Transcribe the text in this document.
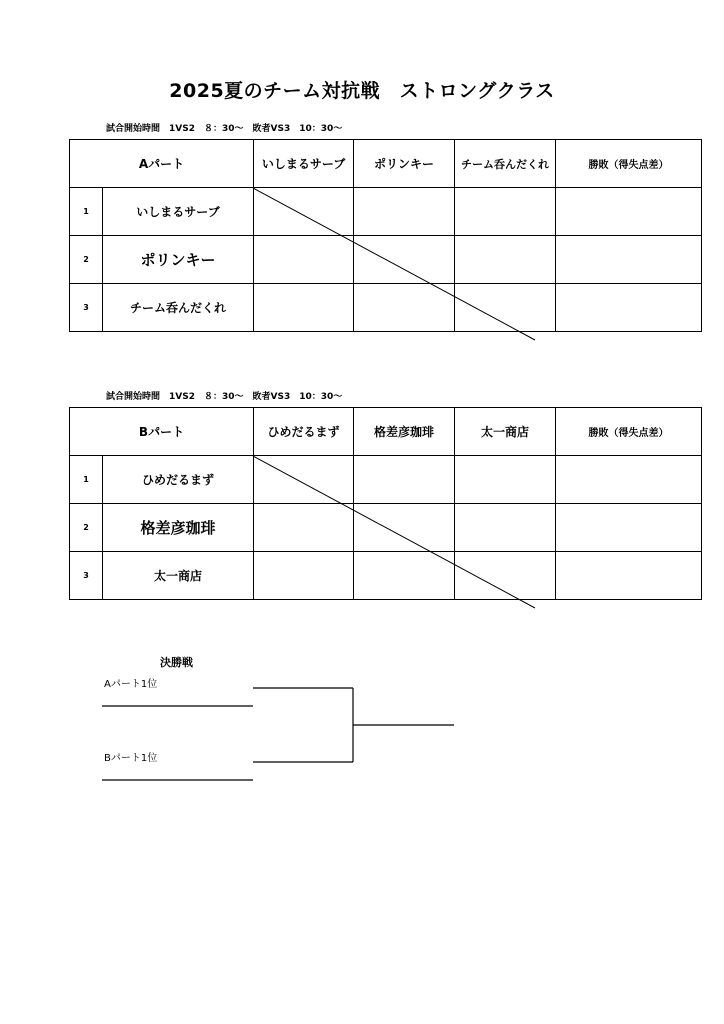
2025夏のチーム対抗戦　ストロングクラス
試合開始時間　1VS2　８：30～　敗者VS3　10：30～
Aパート		いしまるサーブ	ポリンキー	チーム呑んだくれ	勝敗（得失点差）
1	いしまるサーブ				
2	ポリンキー				
3	チーム呑んだくれ				
試合開始時間　1VS2　８：30～　敗者VS3　10：30～
Bパート		ひめだるまず	格差彦珈琲	太一商店	勝敗（得失点差）
1	ひめだるまず				
2	格差彦珈琲				
3	太一商店				
決勝戦
Aパート1位
Bパート1位
